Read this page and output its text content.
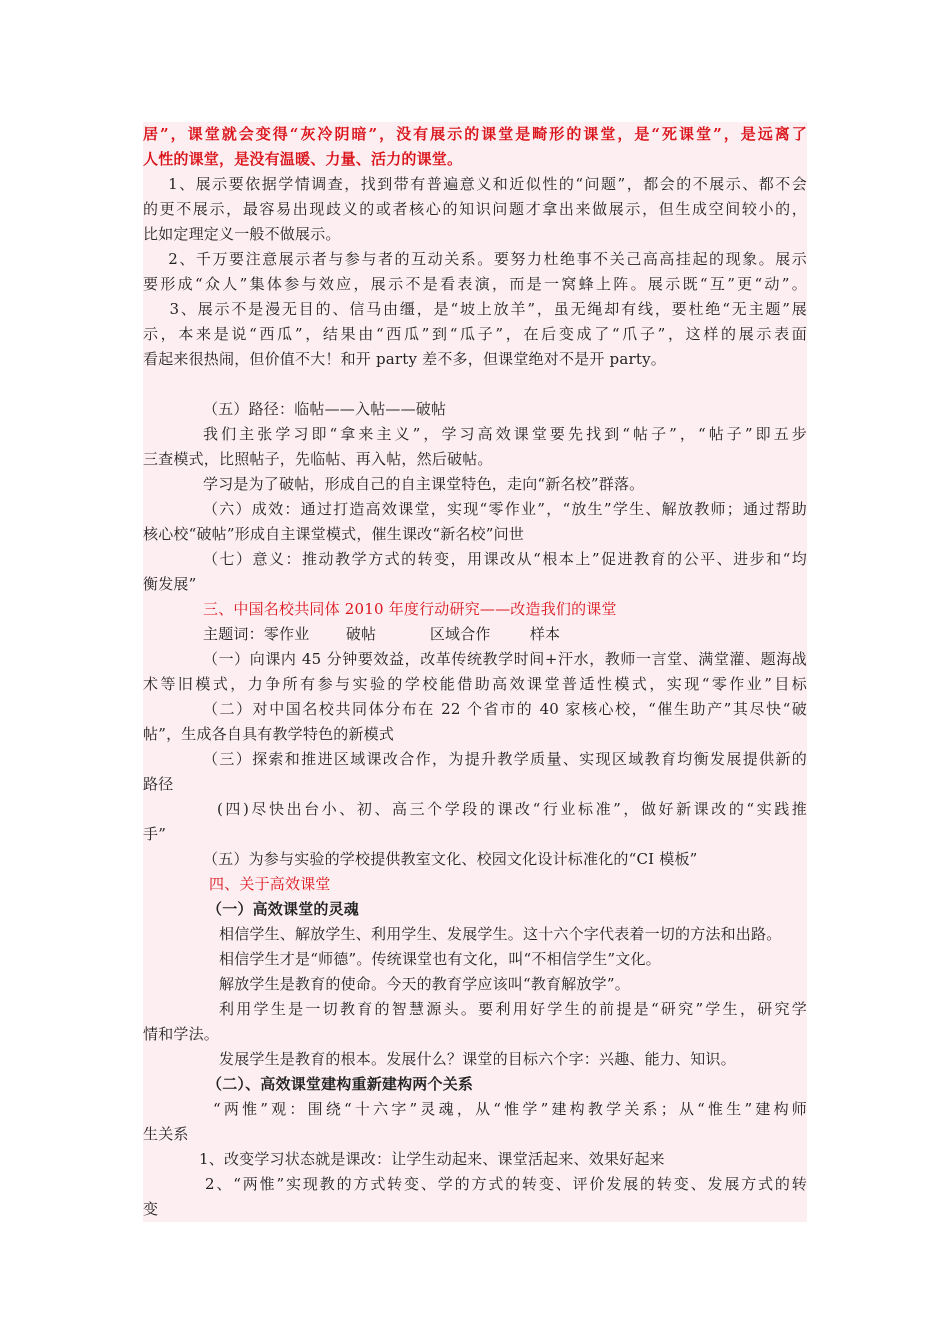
居”，课堂就会变得“灰冷阴暗”，没有展示的课堂是畸形的课堂，是“死课堂”，是远离了
人性的课堂，是没有温暖、力量、活力的课堂。
1、展示要依据学情调查，找到带有普遍意义和近似性的“问题”，都会的不展示、都不会
的更不展示，最容易出现歧义的或者核心的知识问题才拿出来做展示，但生成空间较小的，
比如定理定义一般不做展示。
2、千万要注意展示者与参与者的互动关系。要努力杜绝事不关己高高挂起的现象。展示
要形成“众人”集体参与效应，展示不是看表演，而是一窝蜂上阵。展示既“互”更“动”。
3、展示不是漫无目的、信马由缰，是“坡上放羊”，虽无绳却有线，要杜绝“无主题”展
示，本来是说“西瓜”，结果由“西瓜”到“瓜子”，在后变成了“爪子”，这样的展示表面
看起来很热闹，但价值不大！和开 party 差不多，但课堂绝对不是开 party。
（五）路径：临帖——入帖——破帖
我们主张学习即“拿来主义”，学习高效课堂要先找到“帖子”，“帖子”即五步
三查模式，比照帖子，先临帖、再入帖，然后破帖。
学习是为了破帖，形成自己的自主课堂特色，走向“新名校”群落。
（六）成效：通过打造高效课堂，实现“零作业”，“放生”学生、解放教师；通过帮助
核心校“破帖”形成自主课堂模式，催生课改“新名校”问世
（七）意义：推动教学方式的转变，用课改从“根本上”促进教育的公平、进步和“均
衡发展”
三、中国名校共同体 2010 年度行动研究——改造我们的课堂
主题词：零作业 破帖	区域合作	样本
（一）向课内 45 分钟要效益，改革传统教学时间+汗水，教师一言堂、满堂灌、题海战
术等旧模式，力争所有参与实验的学校能借助高效课堂普适性模式，实现“零作业”目标
（二）对中国名校共同体分布在 22 个省市的 40 家核心校，“催生助产”其尽快“破
帖”，生成各自具有教学特色的新模式
（三）探索和推进区域课改合作，为提升教学质量、实现区域教育均衡发展提供新的
路径
(四)尽快出台小、初、高三个学段的课改“行业标准”，做好新课改的“实践推
手”
（五）为参与实验的学校提供教室文化、校园文化设计标准化的“CI 模板”
四、关于高效课堂
（一）高效课堂的灵魂
相信学生、解放学生、利用学生、发展学生。这十六个字代表着一切的方法和出路。
相信学生才是“师德”。传统课堂也有文化，叫“不相信学生”文化。
解放学生是教育的使命。今天的教育学应该叫“教育解放学”。
利用学生是一切教育的智慧源头。要利用好学生的前提是“研究”学生，研究学
情和学法。
发展学生是教育的根本。发展什么？课堂的目标六个字：兴趣、能力、知识。
（二）、高效课堂建构重新建构两个关系
“两惟”观：围绕“十六字”灵魂，从“惟学”建构教学关系；从“惟生”建构师
生关系
1、改变学习状态就是课改：让学生动起来、课堂活起来、效果好起来
2、“两惟”实现教的方式转变、学的方式的转变、评价发展的转变、发展方式的转
变
